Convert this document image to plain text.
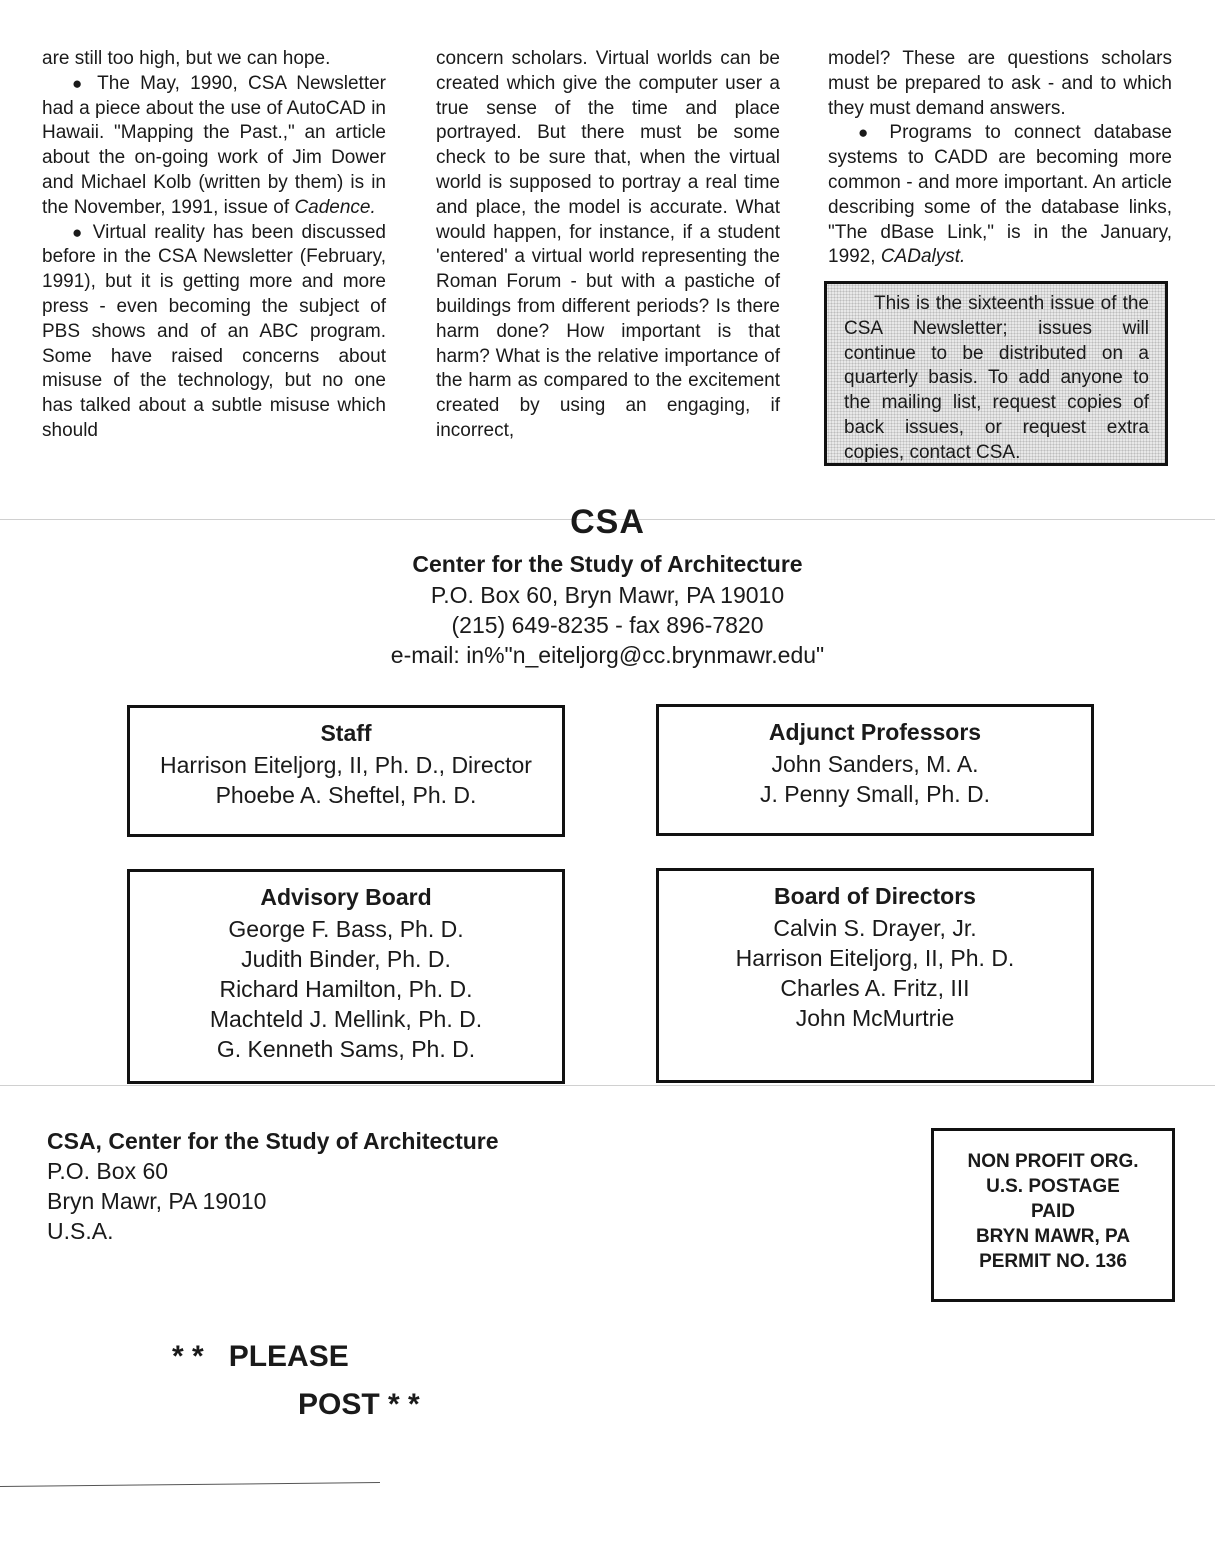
are still too high, but we can hope.

● The May, 1990, CSA Newsletter had a piece about the use of AutoCAD in Hawaii. "Mapping the Past.," an article about the on-going work of Jim Dower and Michael Kolb (written by them) is in the November, 1991, issue of Cadence.

● Virtual reality has been discussed before in the CSA Newsletter (February, 1991), but it is getting more and more press - even becoming the subject of PBS shows and of an ABC program. Some have raised concerns about misuse of the technology, but no one has talked about a subtle misuse which should

concern scholars. Virtual worlds can be created which give the computer user a true sense of the time and place portrayed. But there must be some check to be sure that, when the virtual world is supposed to portray a real time and place, the model is accurate. What would happen, for instance, if a student 'entered' a virtual world representing the Roman Forum - but with a pastiche of buildings from different periods? Is there harm done? How important is that harm? What is the relative importance of the harm as compared to the excitement created by using an engaging, if incorrect,

model? These are questions scholars must be prepared to ask - and to which they must demand answers.

● Programs to connect database systems to CADD are becoming more common - and more important. An article describing some of the database links, "The dBase Link," is in the January, 1992, CADalyst.

This is the sixteenth issue of the CSA Newsletter; issues will continue to be distributed on a quarterly basis. To add anyone to the mailing list, request copies of back issues, or request extra copies, contact CSA.

CSA
Center for the Study of Architecture
P.O. Box 60, Bryn Mawr, PA 19010
(215) 649-8235 - fax 896-7820
e-mail: in%"n_eiteljorg@cc.brynmawr.edu"
Staff
Harrison Eiteljorg, II, Ph. D., Director
Phoebe A. Sheftel, Ph. D.
Adjunct Professors
John Sanders, M. A.
J. Penny Small, Ph. D.
Advisory Board
George F. Bass, Ph. D.
Judith Binder, Ph. D.
Richard Hamilton, Ph. D.
Machteld J. Mellink, Ph. D.
G. Kenneth Sams, Ph. D.
Board of Directors
Calvin S. Drayer, Jr.
Harrison Eiteljorg, II, Ph. D.
Charles A. Fritz, III
John McMurtrie
CSA, Center for the Study of Architecture
P.O. Box 60
Bryn Mawr, PA 19010
U.S.A.
NON PROFIT ORG.
U.S. POSTAGE
PAID
BRYN MAWR, PA
PERMIT NO. 136
* *   PLEASE
POST * *
